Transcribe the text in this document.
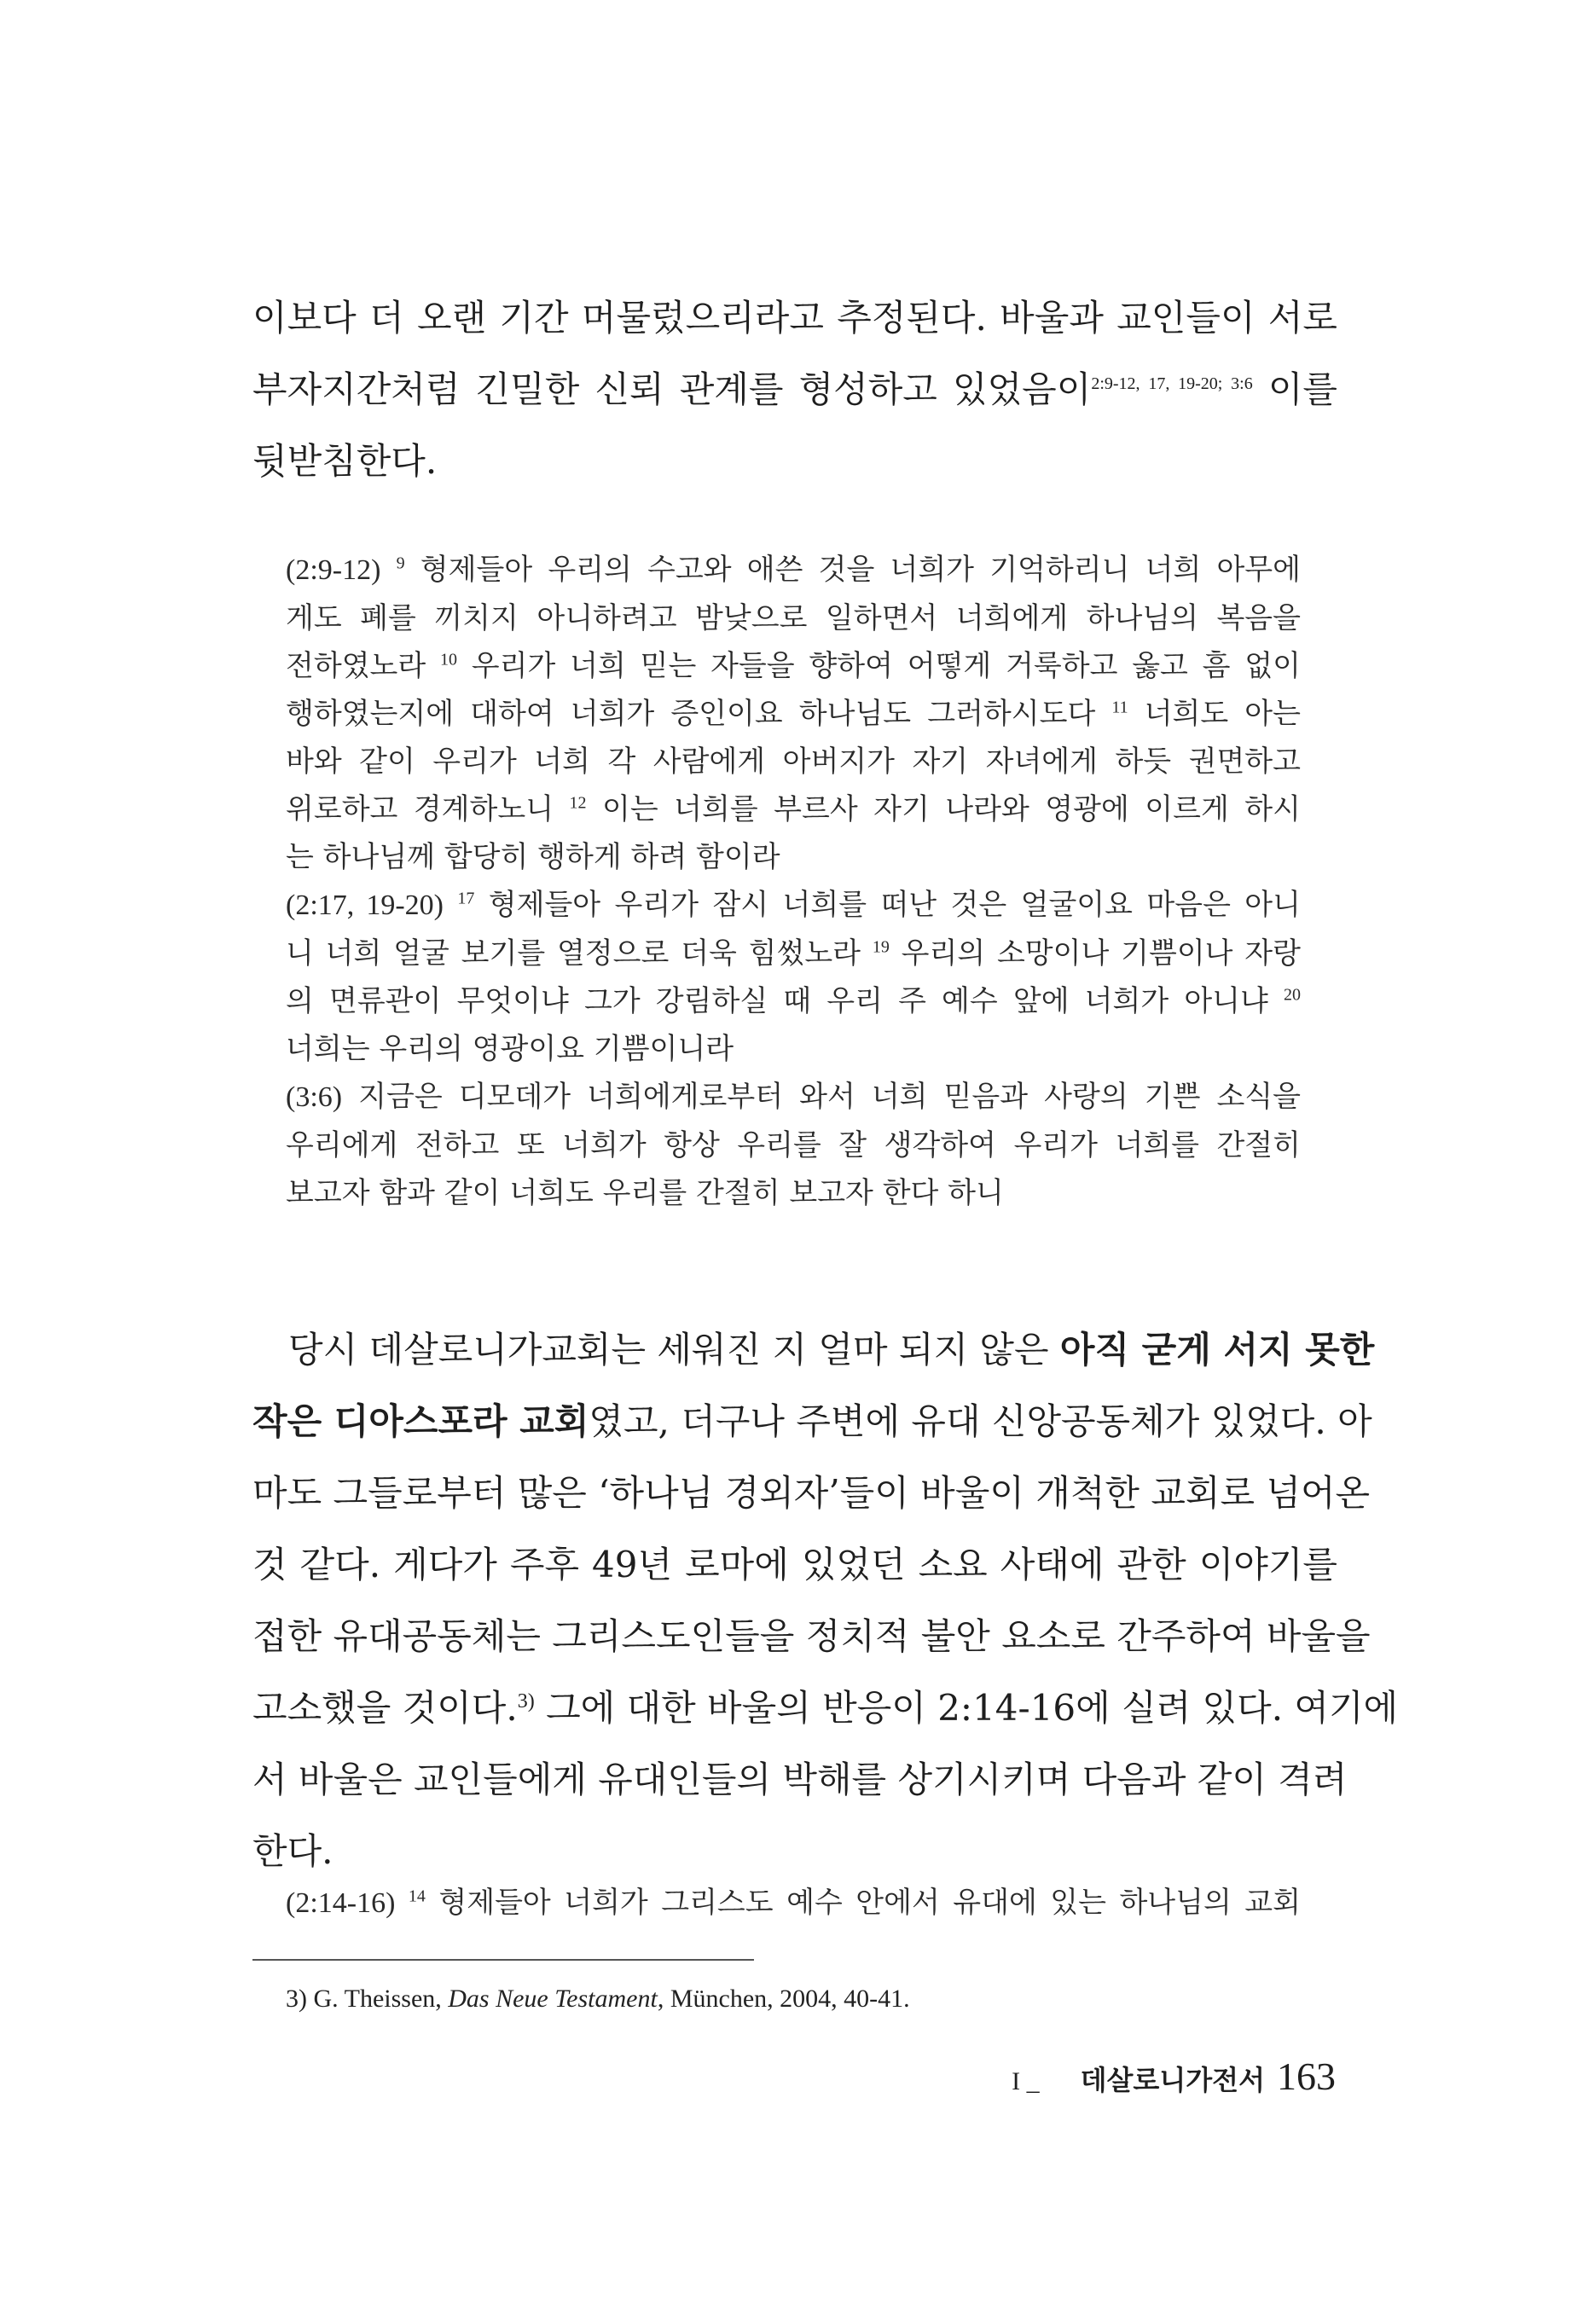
이보다 더 오랜 기간 머물렀으리라고 추정된다. 바울과 교인들이 서로
부자지간처럼 긴밀한 신뢰 관계를 형성하고 있었음이$^{2:9-12, 17, 19-20; 3:6}$ 이를
뒷받침한다.
(2:9-12) $^9$ 형제들아 우리의 수고와 애쓴 것을 너희가 기억하리니 너희 아무에
게도 폐를 끼치지 아니하려고 밤낮으로 일하면서 너희에게 하나님의 복음을
전하였노라 $^{10}$ 우리가 너희 믿는 자들을 향하여 어떻게 거룩하고 옳고 흠 없이
행하였는지에 대하여 너희가 증인이요 하나님도 그러하시도다 $^{11}$ 너희도 아는
바와 같이 우리가 너희 각 사람에게 아버지가 자기 자녀에게 하듯 권면하고
위로하고 경계하노니 $^{12}$ 이는 너희를 부르사 자기 나라와 영광에 이르게 하시
는 하나님께 합당히 행하게 하려 함이라
(2:17, 19-20) $^{17}$ 형제들아 우리가 잠시 너희를 떠난 것은 얼굴이요 마음은 아니
니 너희 얼굴 보기를 열정으로 더욱 힘썼노라 $^{19}$ 우리의 소망이나 기쁨이나 자랑
의 면류관이 무엇이냐 그가 강림하실 때 우리 주 예수 앞에 너희가 아니냐 $^{20}$
너희는 우리의 영광이요 기쁨이니라
(3:6) 지금은 디모데가 너희에게로부터 와서 너희 믿음과 사랑의 기쁜 소식을
우리에게 전하고 또 너희가 항상 우리를 잘 생각하여 우리가 너희를 간절히
보고자 함과 같이 너희도 우리를 간절히 보고자 한다 하니
당시 데살로니가교회는 세워진 지 얼마 되지 않은 아직 굳게 서지 못한
작은 디아스포라 교회였고, 더구나 주변에 유대 신앙공동체가 있었다. 아
마도 그들로부터 많은 ‘하나님 경외자’들이 바울이 개척한 교회로 넘어온
것 같다. 게다가 주후 49년 로마에 있었던 소요 사태에 관한 이야기를
접한 유대공동체는 그리스도인들을 정치적 불안 요소로 간주하여 바울을
고소했을 것이다.$^{3)}$ 그에 대한 바울의 반응이 2:14-16에 실려 있다. 여기에
서 바울은 교인들에게 유대인들의 박해를 상기시키며 다음과 같이 격려
한다.
(2:14-16) $^{14}$ 형제들아 너희가 그리스도 예수 안에서 유대에 있는 하나님의 교회
3) G. Theissen, Das Neue Testament, München, 2004, 40-41.
I _ 데살로니가전서 163
